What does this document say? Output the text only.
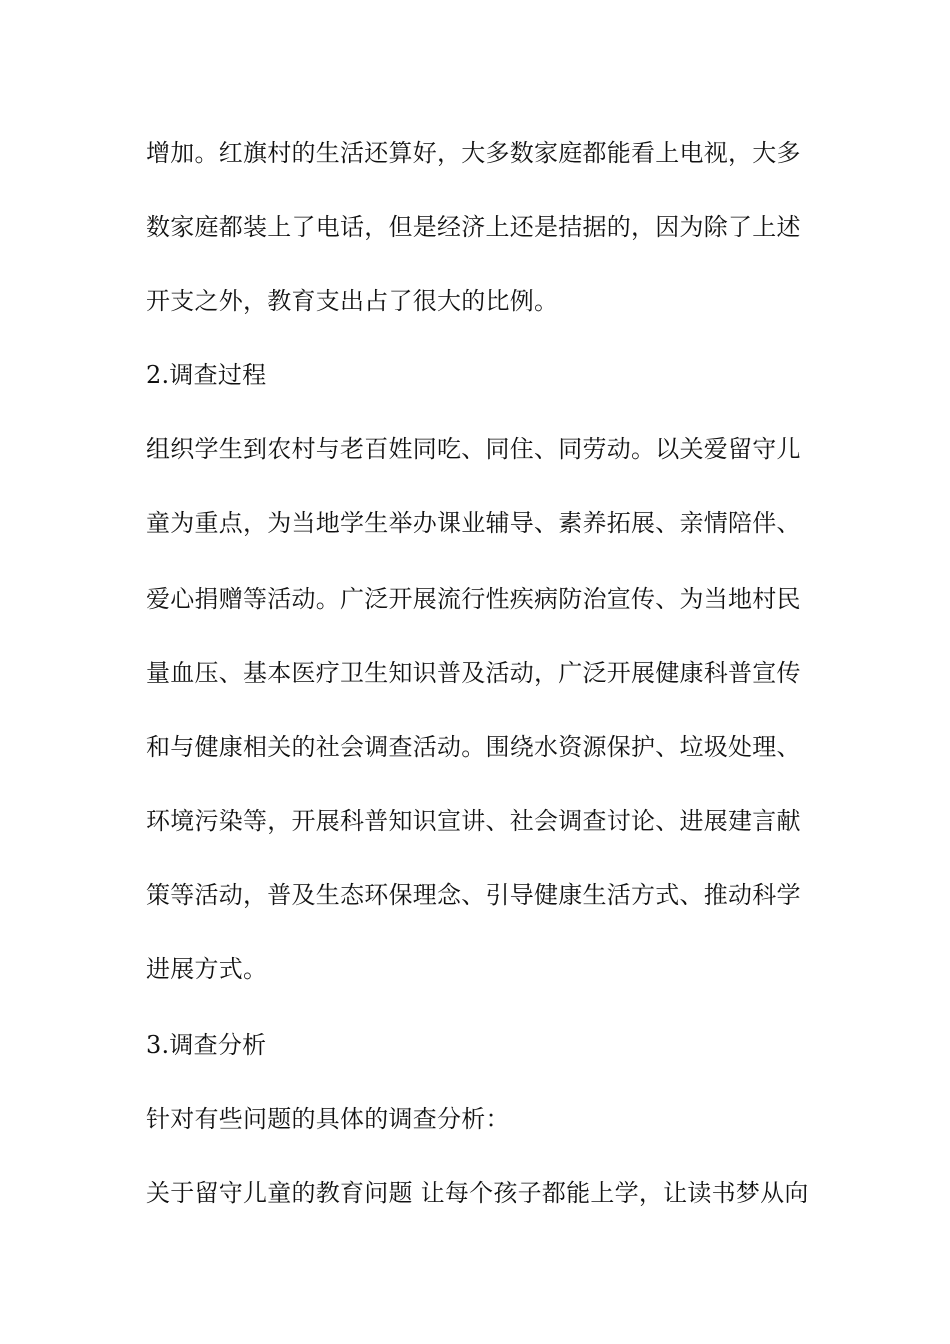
增加。红旗村的生活还算好，大多数家庭都能看上电视，大多
数家庭都装上了电话，但是经济上还是拮据的，因为除了上述
开支之外，教育支出占了很大的比例。
2.调查过程
组织学生到农村与老百姓同吃、同住、同劳动。以关爱留守儿
童为重点，为当地学生举办课业辅导、素养拓展、亲情陪伴、
爱心捐赠等活动。广泛开展流行性疾病防治宣传、为当地村民
量血压、基本医疗卫生知识普及活动，广泛开展健康科普宣传
和与健康相关的社会调查活动。围绕水资源保护、垃圾处理、
环境污染等，开展科普知识宣讲、社会调查讨论、进展建言献
策等活动，普及生态环保理念、引导健康生活方式、推动科学
进展方式。
3.调查分析
针对有些问题的具体的调查分析：
关于留守儿童的教育问题 让每个孩子都能上学，让读书梦从向
